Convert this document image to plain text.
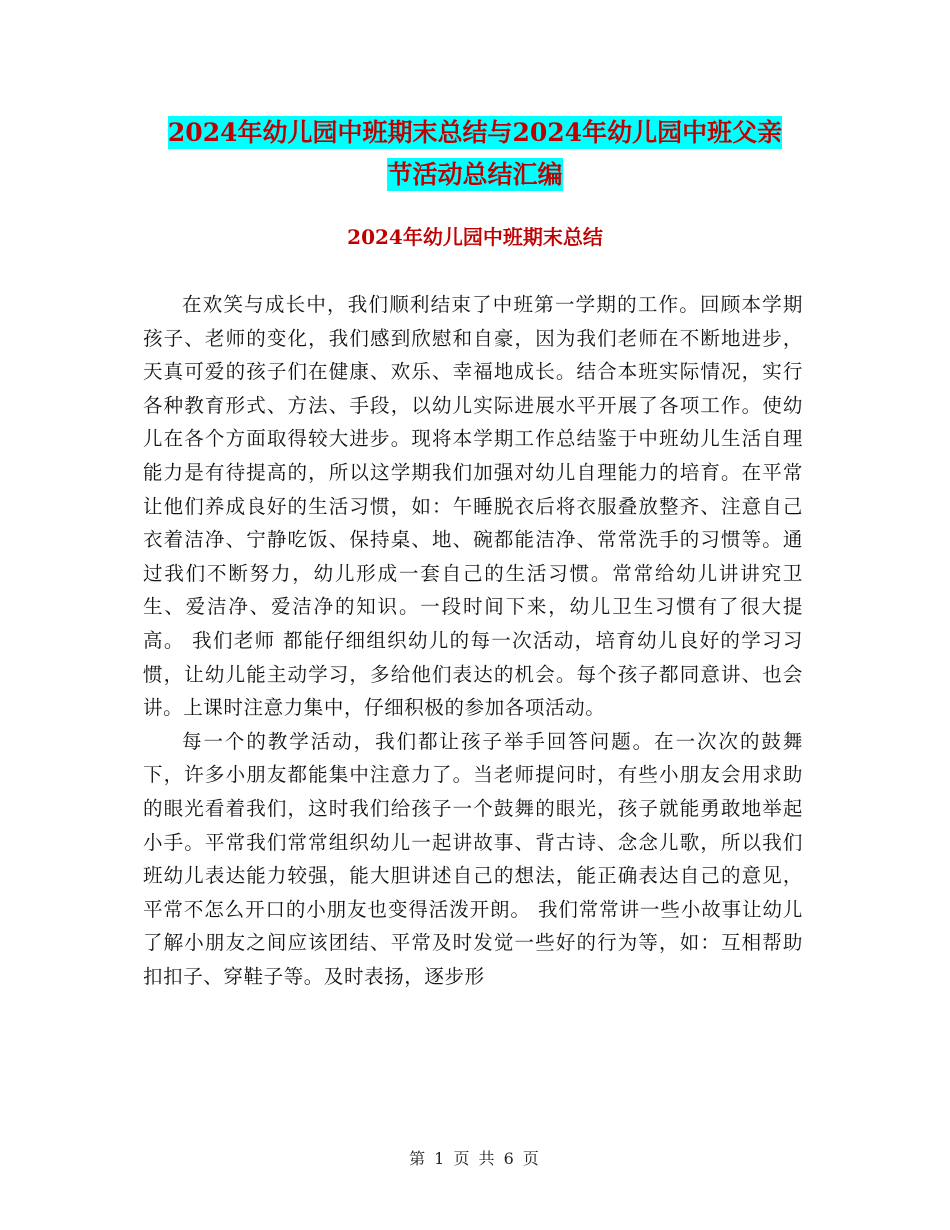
2024年幼儿园中班期末总结与2024年幼儿园中班父亲
节活动总结汇编
2024年幼儿园中班期末总结

在欢笑与成长中，我们顺利结束了中班第一学期的工作。回顾本学期孩子、老师的变化，我们感到欣慰和自豪，因为我们老师在不断地进步，天真可爱的孩子们在健康、欢乐、幸福地成长。结合本班实际情况，实行各种教育形式、方法、手段，以幼儿实际进展水平开展了各项工作。使幼儿在各个方面取得较大进步。现将本学期工作总结鉴于中班幼儿生活自理能力是有待提高的，所以这学期我们加强对幼儿自理能力的培育。在平常让他们养成良好的生活习惯，如：午睡脱衣后将衣服叠放整齐、注意自己衣着洁净、宁静吃饭、保持桌、地、碗都能洁净、常常洗手的习惯等。通过我们不断努力，幼儿形成一套自己的生活习惯。常常给幼儿讲讲究卫生、爱洁净、爱洁净的知识。一段时间下来，幼儿卫生习惯有了很大提高。 我们老师 都能仔细组织幼儿的每一次活动，培育幼儿良好的学习习惯，让幼儿能主动学习，多给他们表达的机会。每个孩子都同意讲、也会讲。上课时注意力集中，仔细积极的参加各项活动。

每一个的教学活动，我们都让孩子举手回答问题。在一次次的鼓舞下，许多小朋友都能集中注意力了。当老师提问时，有些小朋友会用求助的眼光看着我们，这时我们给孩子一个鼓舞的眼光，孩子就能勇敢地举起小手。平常我们常常组织幼儿一起讲故事、背古诗、念念儿歌，所以我们班幼儿表达能力较强，能大胆讲述自己的想法，能正确表达自己的意见，平常不怎么开口的小朋友也变得活泼开朗。 我们常常讲一些小故事让幼儿了解小朋友之间应该团结、平常及时发觉一些好的行为等，如：互相帮助扣扣子、穿鞋子等。及时表扬，逐步形

第 1 页 共 6 页
